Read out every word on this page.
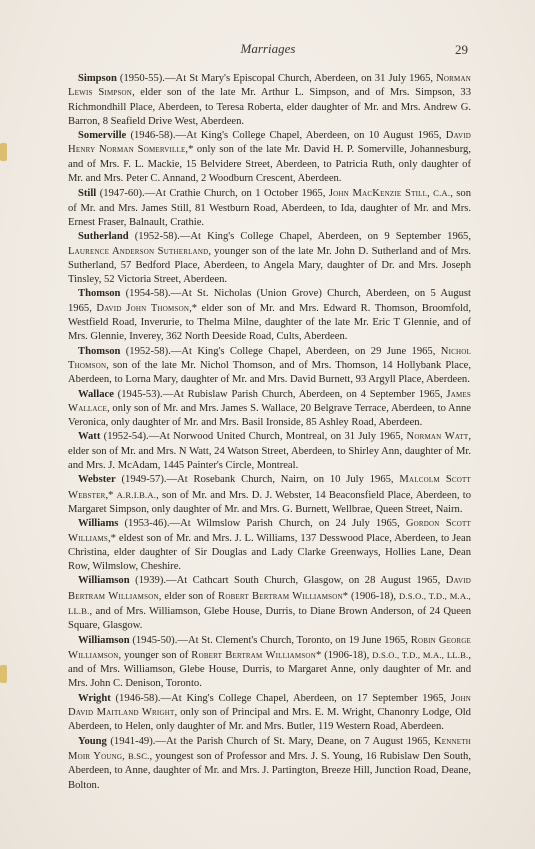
Marriages	29

Simpson (1950-55).—At St Mary's Episcopal Church, Aberdeen, on 31 July 1965, Norman Lewis Simpson, elder son of the late Mr. Arthur L. Simpson, and of Mrs. Simpson, 33 Richmondhill Place, Aberdeen, to Teresa Roberta, elder daughter of Mr. and Mrs. Andrew G. Barron, 8 Seafield Drive West, Aberdeen.

Somerville (1946-58).—At King's College Chapel, Aberdeen, on 10 August 1965, David Henry Norman Somerville,* only son of the late Mr. David H. P. Somerville, Johannesburg, and of Mrs. F. L. Mackie, 15 Belvidere Street, Aberdeen, to Patricia Ruth, only daughter of Mr. and Mrs. Peter C. Annand, 2 Woodburn Crescent, Aberdeen.

Still (1947-60).—At Crathie Church, on 1 October 1965, John MacKenzie Still, C.A., son of Mr. and Mrs. James Still, 81 Westburn Road, Aberdeen, to Ida, daughter of Mr. and Mrs. Ernest Fraser, Balnault, Crathie.

Sutherland (1952-58).—At King's College Chapel, Aberdeen, on 9 September 1965, Laurence Anderson Sutherland, younger son of the late Mr. John D. Sutherland and of Mrs. Sutherland, 57 Bedford Place, Aberdeen, to Angela Mary, daughter of Dr. and Mrs. Joseph Tinsley, 52 Victoria Street, Aberdeen.

Thomson (1954-58).—At St. Nicholas (Union Grove) Church, Aberdeen, on 5 August 1965, David John Thomson,* elder son of Mr. and Mrs. Edward R. Thomson, Broomfold, Westfield Road, Inverurie, to Thelma Milne, daughter of the late Mr. Eric T Glennie, and of Mrs. Glennie, Inverey, 362 North Deeside Road, Cults, Aberdeen.

Thomson (1952-58).—At King's College Chapel, Aberdeen, on 29 June 1965, Nichol Thomson, son of the late Mr. Nichol Thomson, and of Mrs. Thomson, 14 Hollybank Place, Aberdeen, to Lorna Mary, daughter of Mr. and Mrs. David Burnett, 93 Argyll Place, Aberdeen.

Wallace (1945-53).—At Rubislaw Parish Church, Aberdeen, on 4 September 1965, James Wallace, only son of Mr. and Mrs. James S. Wallace, 20 Belgrave Terrace, Aberdeen, to Anne Veronica, only daughter of Mr. and Mrs. Basil Ironside, 85 Ashley Road, Aberdeen.

Watt (1952-54).—At Norwood United Church, Montreal, on 31 July 1965, Norman Watt, elder son of Mr. and Mrs. N Watt, 24 Watson Street, Aberdeen, to Shirley Ann, daughter of Mr. and Mrs. J. McAdam, 1445 Painter's Circle, Montreal.

Webster (1949-57).—At Rosebank Church, Nairn, on 10 July 1965, Malcolm Scott Webster,* A.R.I.B.A., son of Mr. and Mrs. D. J. Webster, 14 Beaconsfield Place, Aberdeen, to Margaret Simpson, only daughter of Mr. and Mrs. G. Burnett, Wellbrae, Queen Street, Nairn.

Williams (1953-46).—At Wilmslow Parish Church, on 24 July 1965, Gordon Scott Williams,* eldest son of Mr. and Mrs. J. L. Williams, 137 Desswood Place, Aberdeen, to Jean Christina, elder daughter of Sir Douglas and Lady Clarke Greenways, Hollies Lane, Dean Row, Wilmslow, Cheshire.

Williamson (1939).—At Cathcart South Church, Glasgow, on 28 August 1965, David Bertram Williamson, elder son of Robert Bertram Williamson* (1906-18), D.S.O., T.D., M.A., LL.B., and of Mrs. Williamson, Glebe House, Durris, to Diane Brown Anderson, of 24 Queen Square, Glasgow.

Williamson (1945-50).—At St. Clement's Church, Toronto, on 19 June 1965, Robin George Williamson, younger son of Robert Bertram Williamson* (1906-18), D.S.O., T.D., M.A., LL.B., and of Mrs. Williamson, Glebe House, Durris, to Margaret Anne, only daughter of Mr. and Mrs. John C. Denison, Toronto.

Wright (1946-58).—At King's College Chapel, Aberdeen, on 17 September 1965, John David Maitland Wright, only son of Principal and Mrs. E. M. Wright, Chanonry Lodge, Old Aberdeen, to Helen, only daughter of Mr. and Mrs. Butler, 119 Western Road, Aberdeen.

Young (1941-49).—At the Parish Church of St. Mary, Deane, on 7 August 1965, Kenneth Moir Young, B.SC., youngest son of Professor and Mrs. J. S. Young, 16 Rubislaw Den South, Aberdeen, to Anne, daughter of Mr. and Mrs. J. Partington, Breeze Hill, Junction Road, Deane, Bolton.
